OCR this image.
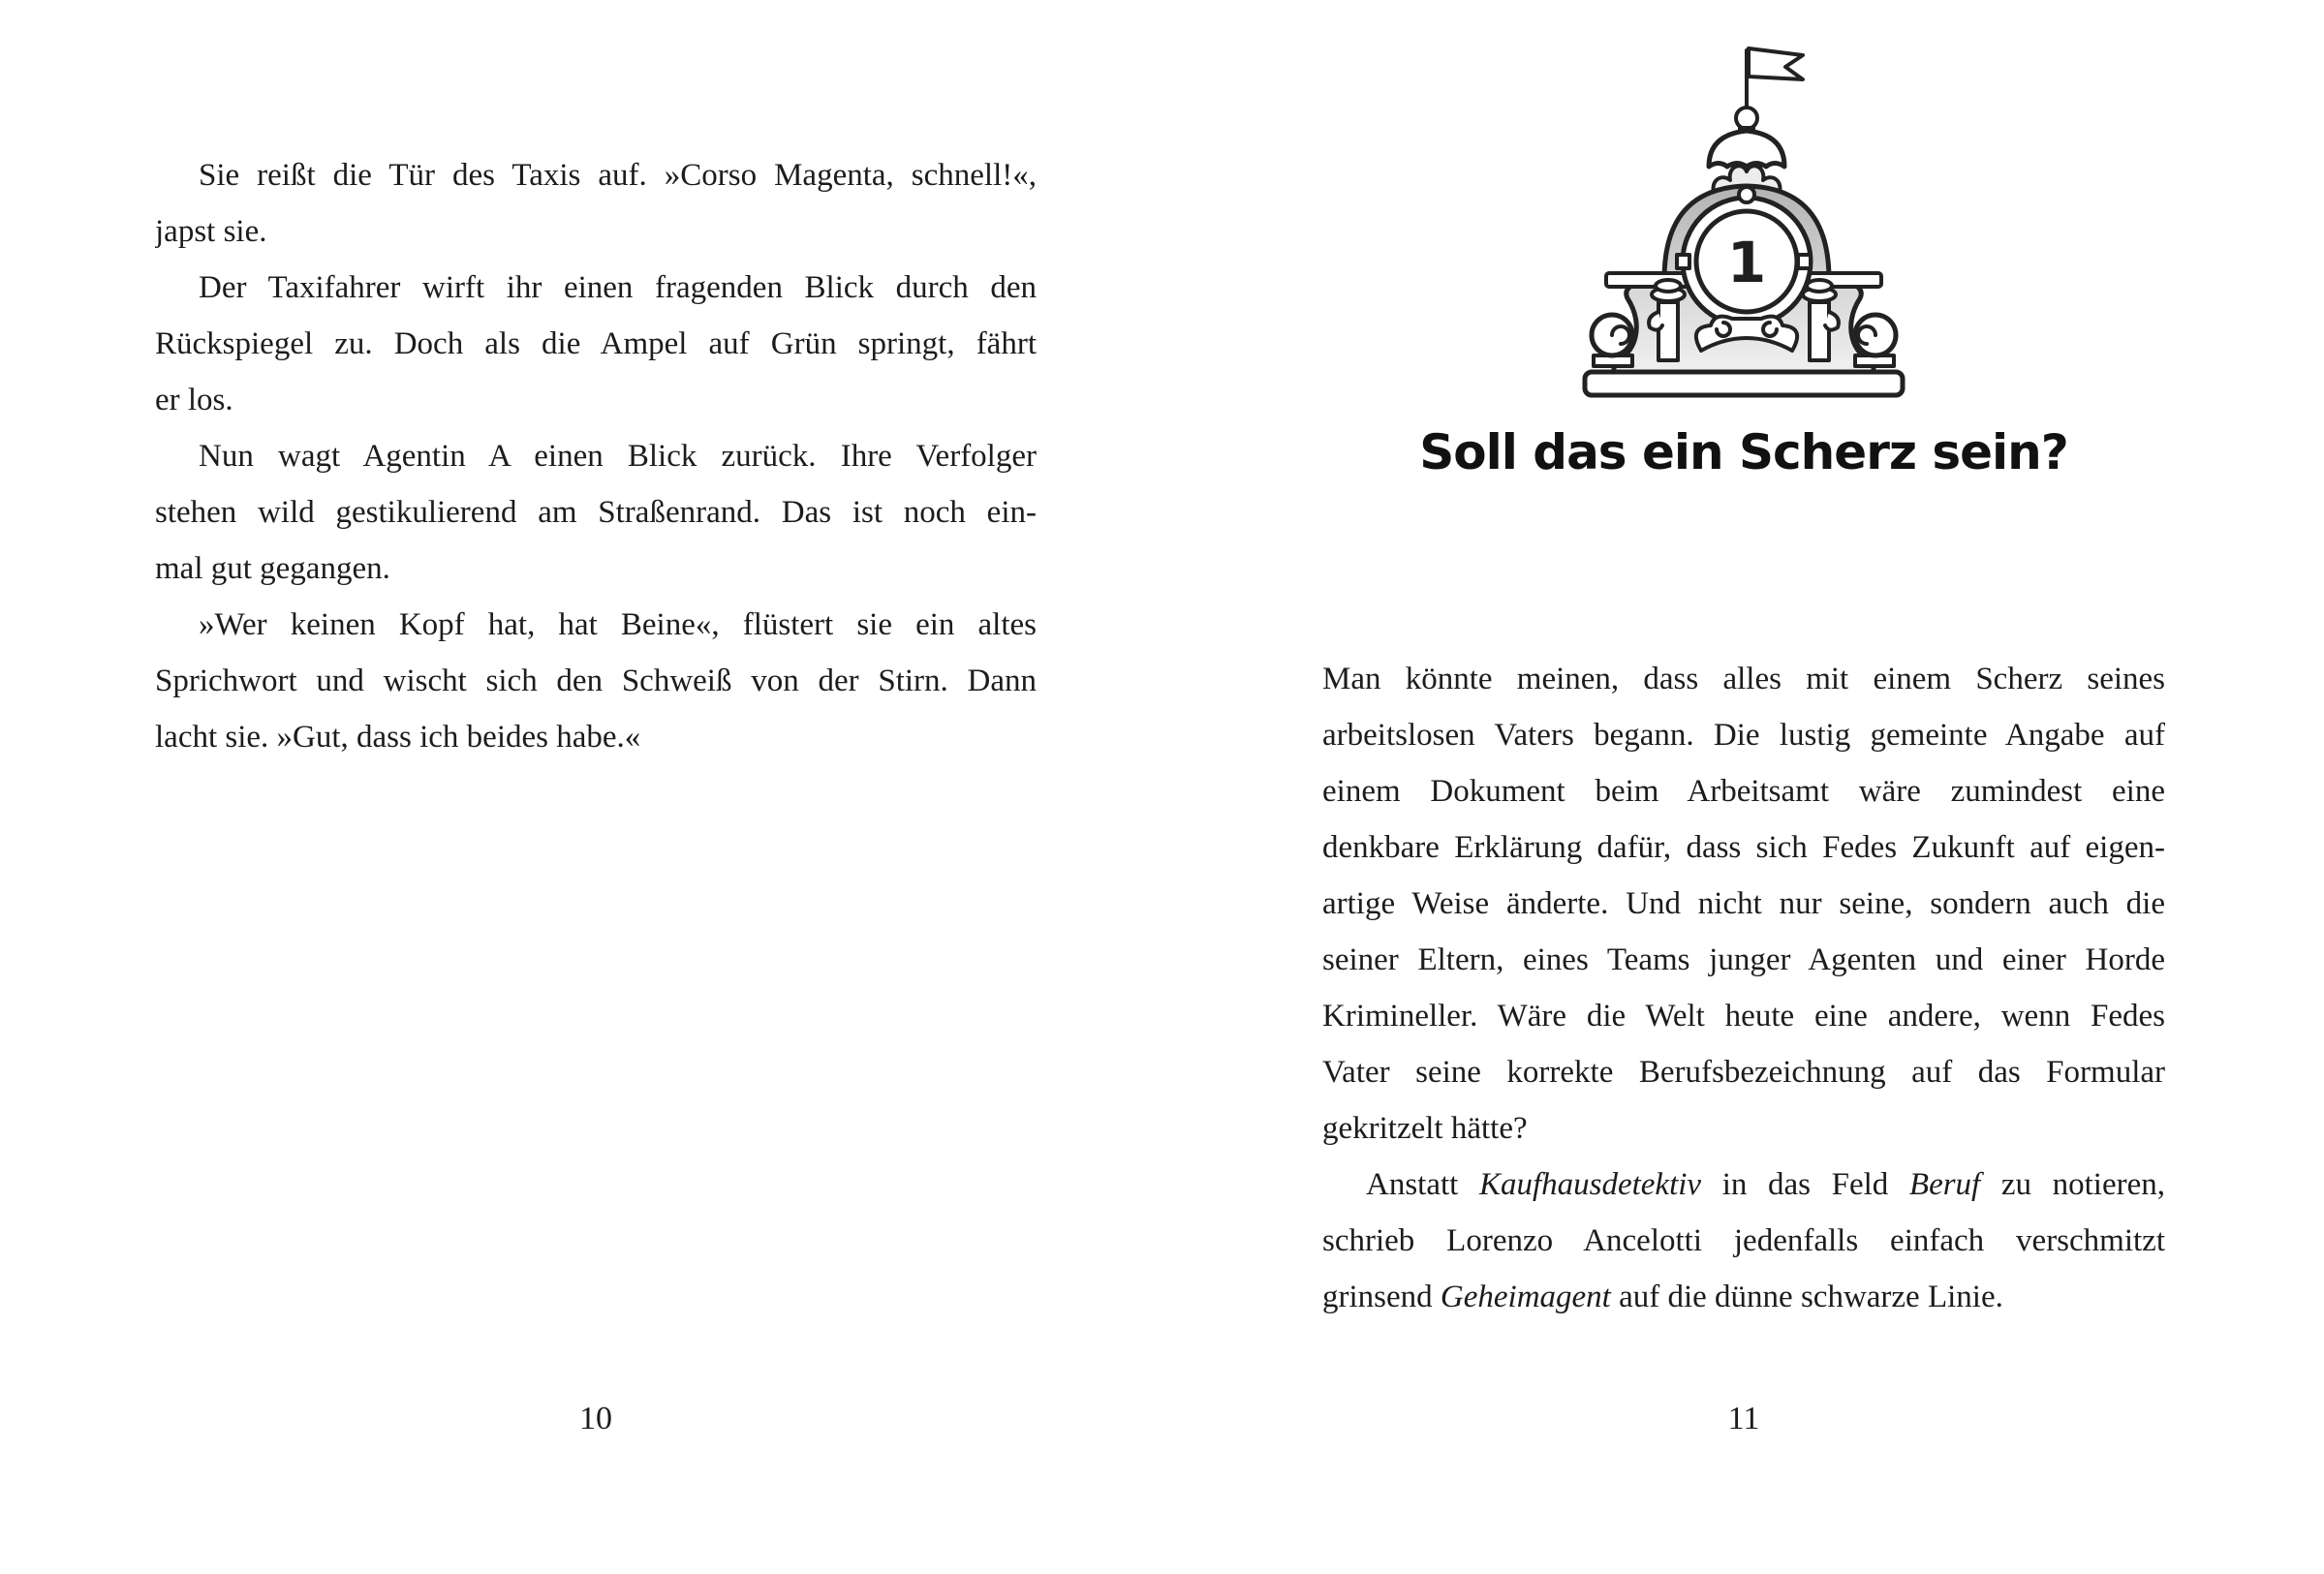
Sie reißt die Tür des Taxis auf. »Corso Magenta, schnell!«,

japst sie.

Der Taxifahrer wirft ihr einen fragenden Blick durch den

Rückspiegel zu. Doch als die Ampel auf Grün springt, fährt

er los.

Nun wagt Agentin A einen Blick zurück. Ihre Verfolger

stehen wild gestikulierend am Straßenrand. Das ist noch ein-

mal gut gegangen.

»Wer keinen Kopf hat, hat Beine«, flüstert sie ein altes

Sprichwort und wischt sich den Schweiß von der Stirn. Dann

lacht sie. »Gut, dass ich beides habe.«

10
1
Soll das ein Scherz sein?

Man könnte meinen, dass alles mit einem Scherz seines

arbeitslosen Vaters begann. Die lustig gemeinte Angabe auf

einem Dokument beim Arbeitsamt wäre zumindest eine

denkbare Erklärung dafür, dass sich Fedes Zukunft auf eigen-

artige Weise änderte. Und nicht nur seine, sondern auch die

seiner Eltern, eines Teams junger Agenten und einer Horde

Krimineller. Wäre die Welt heute eine andere, wenn Fedes

Vater seine korrekte Berufsbezeichnung auf das Formular

gekritzelt hätte?

Anstatt Kaufhausdetektiv in das Feld Beruf zu notieren,

schrieb Lorenzo Ancelotti jedenfalls einfach verschmitzt

grinsend Geheimagent auf die dünne schwarze Linie.

11
